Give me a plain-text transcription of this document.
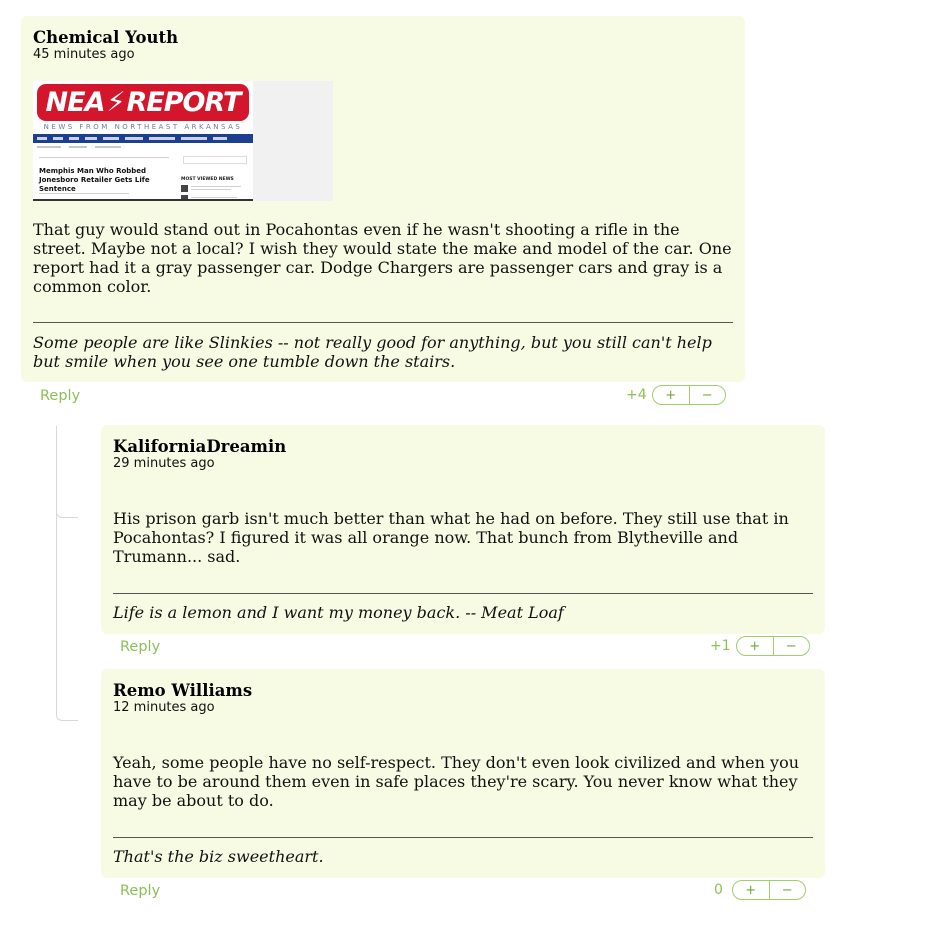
Chemical Youth
45 minutes ago
NEA ⚡ REPORT
NEWS FROM NORTHEAST ARKANSAS
Memphis Man Who Robbed Jonesboro Retailer Gets Life Sentence
MOST VIEWED NEWS
That guy would stand out in Pocahontas even if he wasn't shooting a rifle in the street. Maybe not a local? I wish they would state the make and model of the car. One report had it a gray passenger car. Dodge Chargers are passenger cars and gray is a common color.
Some people are like Slinkies -- not really good for anything, but you still can't help but smile when you see one tumble down the stairs.
Reply	+4	+	−
KaliforniaDreamin
29 minutes ago
His prison garb isn't much better than what he had on before. They still use that in Pocahontas? I figured it was all orange now. That bunch from Blytheville and Trumann... sad.
Life is a lemon and I want my money back. -- Meat Loaf
Reply	+1	+	−
Remo Williams
12 minutes ago
Yeah, some people have no self-respect. They don't even look civilized and when you have to be around them even in safe places they're scary. You never know what they may be about to do.
That's the biz sweetheart.
Reply	0	+	−
